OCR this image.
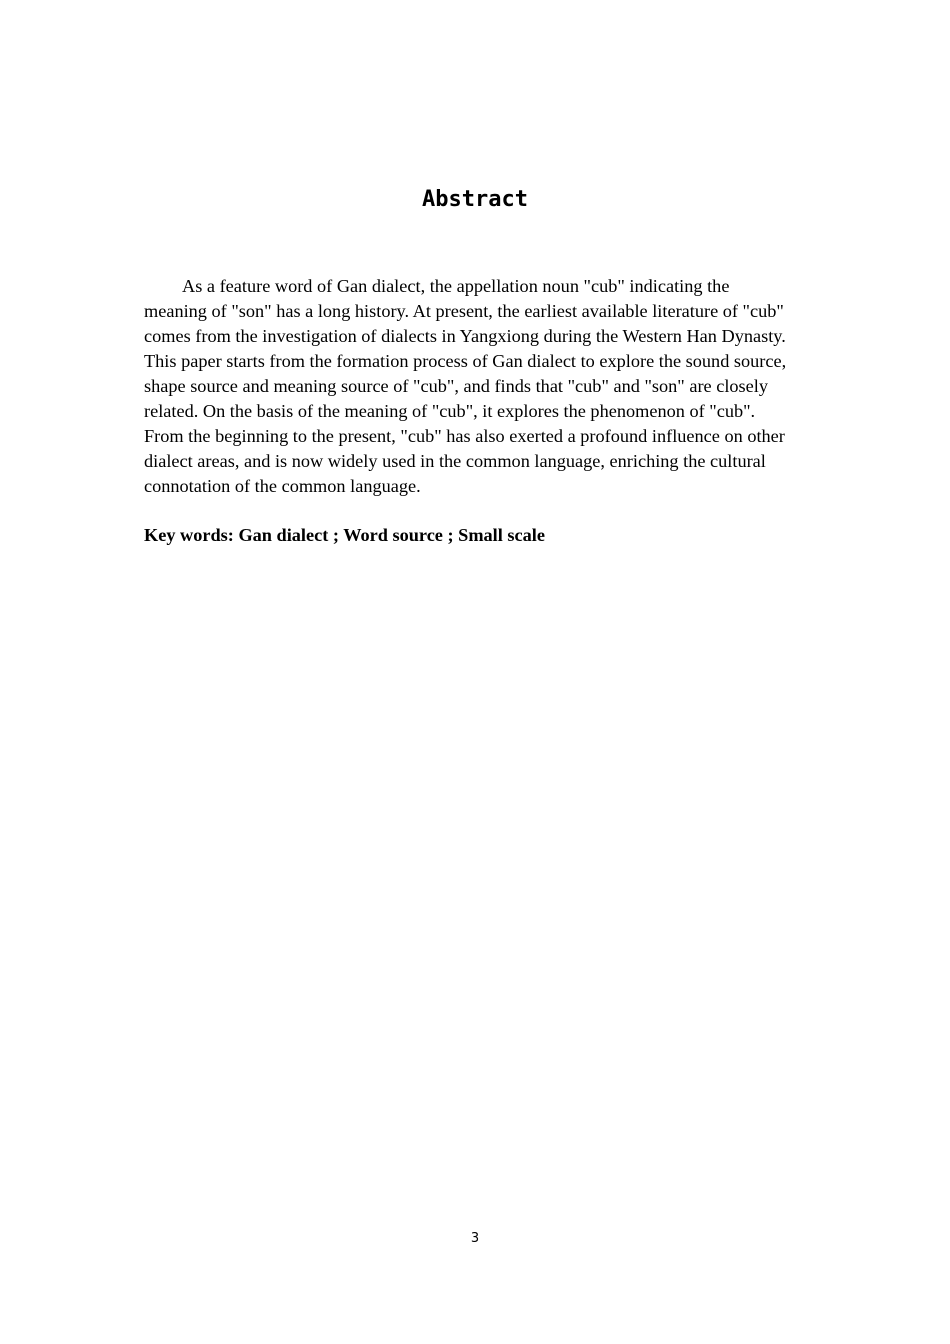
Abstract

As a feature word of Gan dialect, the appellation noun "cub" indicating the meaning of "son" has a long history. At present, the earliest available literature of "cub" comes from the investigation of dialects in Yangxiong during the Western Han Dynasty. This paper starts from the formation process of Gan dialect to explore the sound source, shape source and meaning source of "cub", and finds that "cub" and "son" are closely related. On the basis of the meaning of "cub", it explores the phenomenon of "cub". From the beginning to the present, "cub" has also exerted a profound influence on other dialect areas, and is now widely used in the common language, enriching the cultural connotation of the common language.

Key words: Gan dialect ; Word source ; Small scale

3
